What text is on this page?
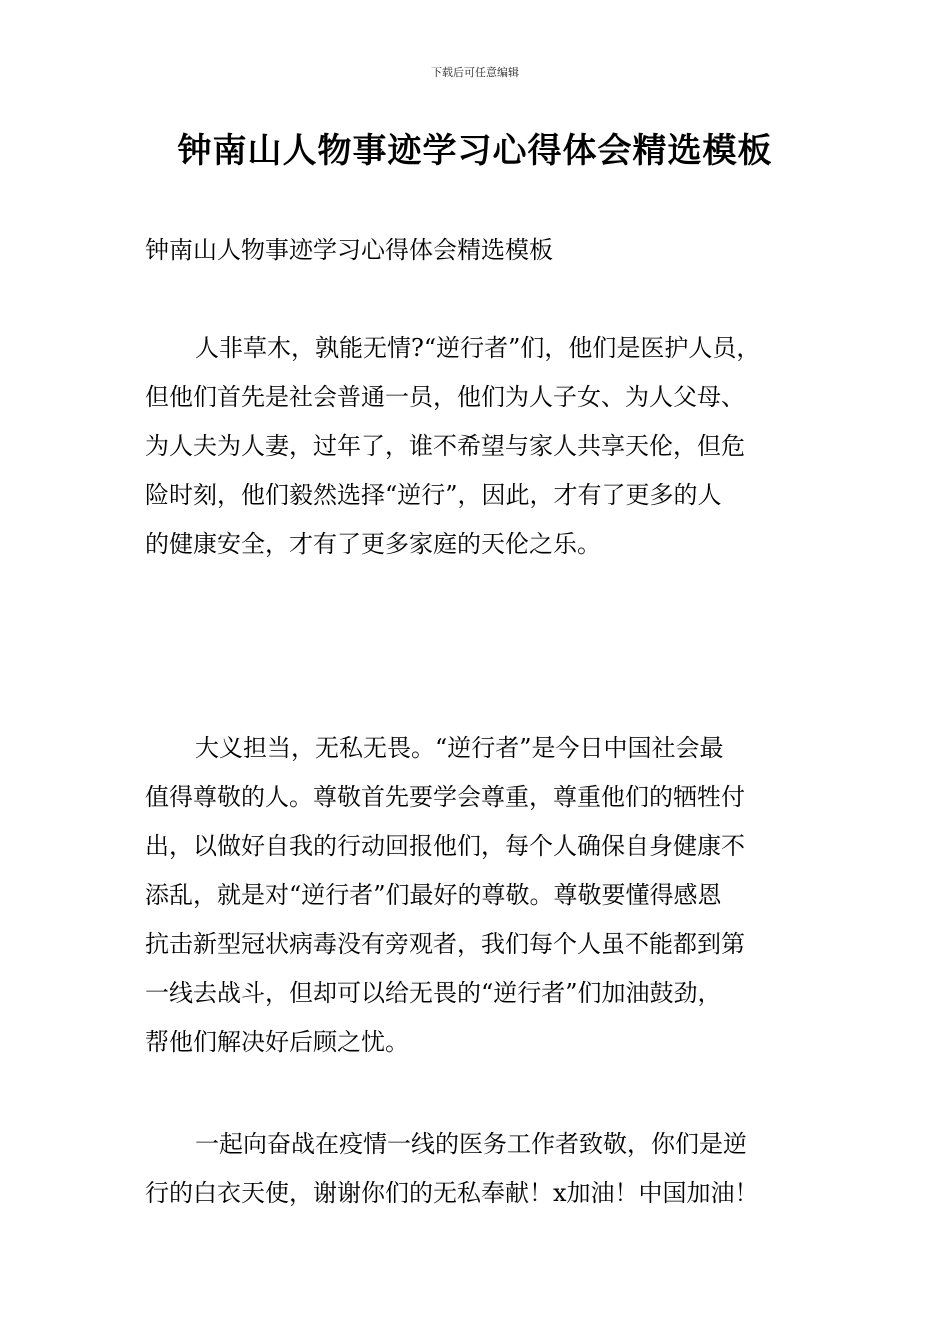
下载后可任意编辑
钟南山人物事迹学习心得体会精选模板
钟南山人物事迹学习心得体会精选模板

人非草木，孰能无情?“逆行者”们，他们是医护人员，
但他们首先是社会普通一员，他们为人子女、为人父母、
为人夫为人妻，过年了，谁不希望与家人共享天伦，但危
险时刻，他们毅然选择“逆行”，因此，才有了更多的人
的健康安全，才有了更多家庭的天伦之乐。

大义担当，无私无畏。“逆行者”是今日中国社会最
值得尊敬的人。尊敬首先要学会尊重，尊重他们的牺牲付
出，以做好自我的行动回报他们，每个人确保自身健康不
添乱，就是对“逆行者”们最好的尊敬。尊敬要懂得感恩
抗击新型冠状病毒没有旁观者，我们每个人虽不能都到第
一线去战斗，但却可以给无畏的“逆行者”们加油鼓劲，
帮他们解决好后顾之忧。

一起向奋战在疫情一线的医务工作者致敬，你们是逆
行的白衣天使，谢谢你们的无私奉献！x加油！中国加油！
